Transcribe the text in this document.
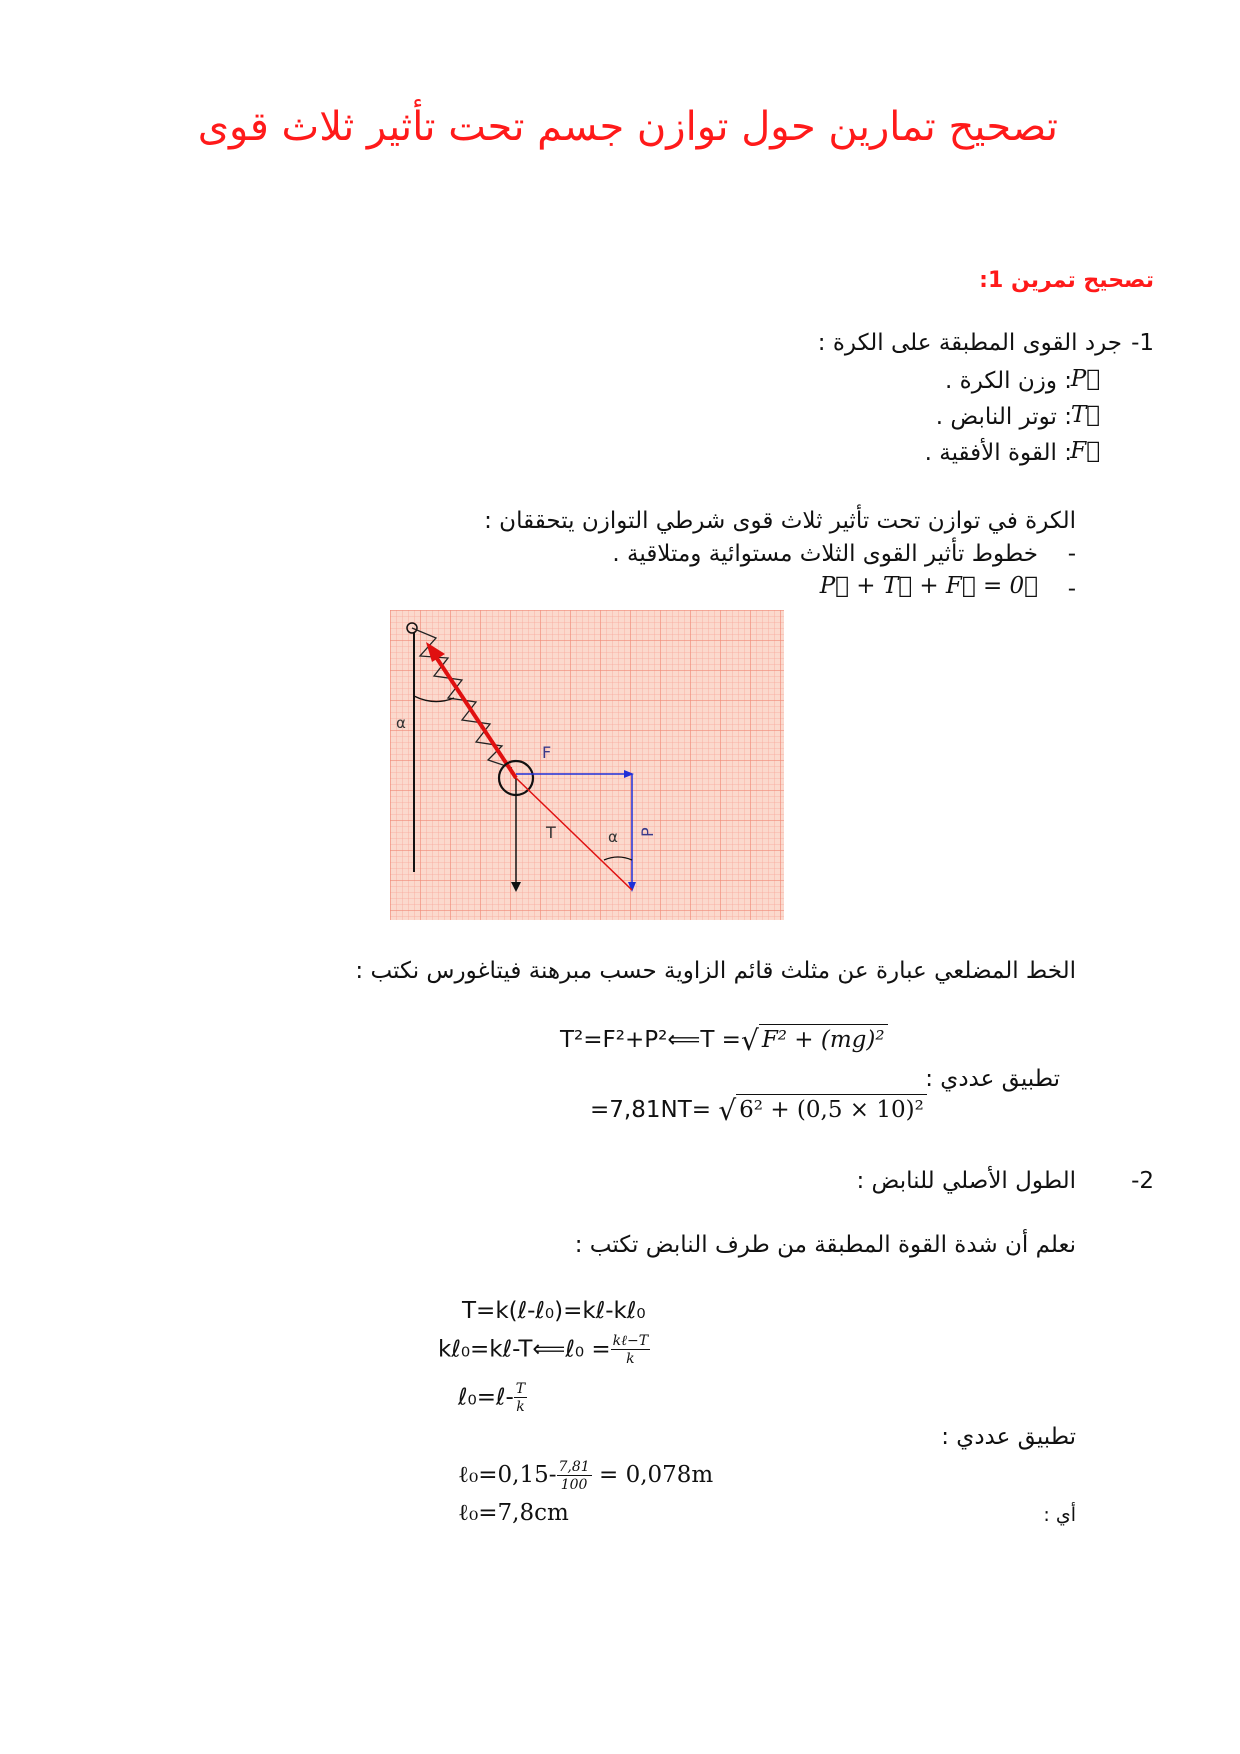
تصحيح تمارين حول توازن جسم تحت تأثير ثلاث قوى
تصحيح تمرين 1:
جرد القوى المطبقة على الكرة : -1
: وزن الكرة .
P⃗
: توتر النابض .
T⃗
: القوة الأفقية .
F⃗
الكرة في توازن تحت تأثير ثلاث قوى شرطي التوازن يتحققان :
-
خطوط تأثير القوى الثلاث مستوائية ومتلاقية .
-
P⃗ + T⃗ + F⃗ = 0⃗
α
F
P
T	α
الخط المضلعي عبارة عن مثلث قائم الزاوية حسب مبرهنة فيتاغورس نكتب :
T²=F²+P²⟸T =√ F² + (mg)²
تطبيق عددي :
=7,81NT= √ 6² + (0,5 × 10)²
الطول الأصلي للنابض : -2
نعلم أن شدة القوة المطبقة من طرف النابض تكتب :
T=k(ℓ-ℓ₀)=kℓ-kℓ₀
kℓ₀=kℓ-T⟸ℓ₀ = $\frac{\text{kℓ−T}}{k}$
ℓ₀=ℓ- $\frac{T}{k}$
تطبيق عددي :
ℓ₀=0,15- $\frac{7,81}{100} = 0,078m$
ℓ₀=7,8cm	أي :
